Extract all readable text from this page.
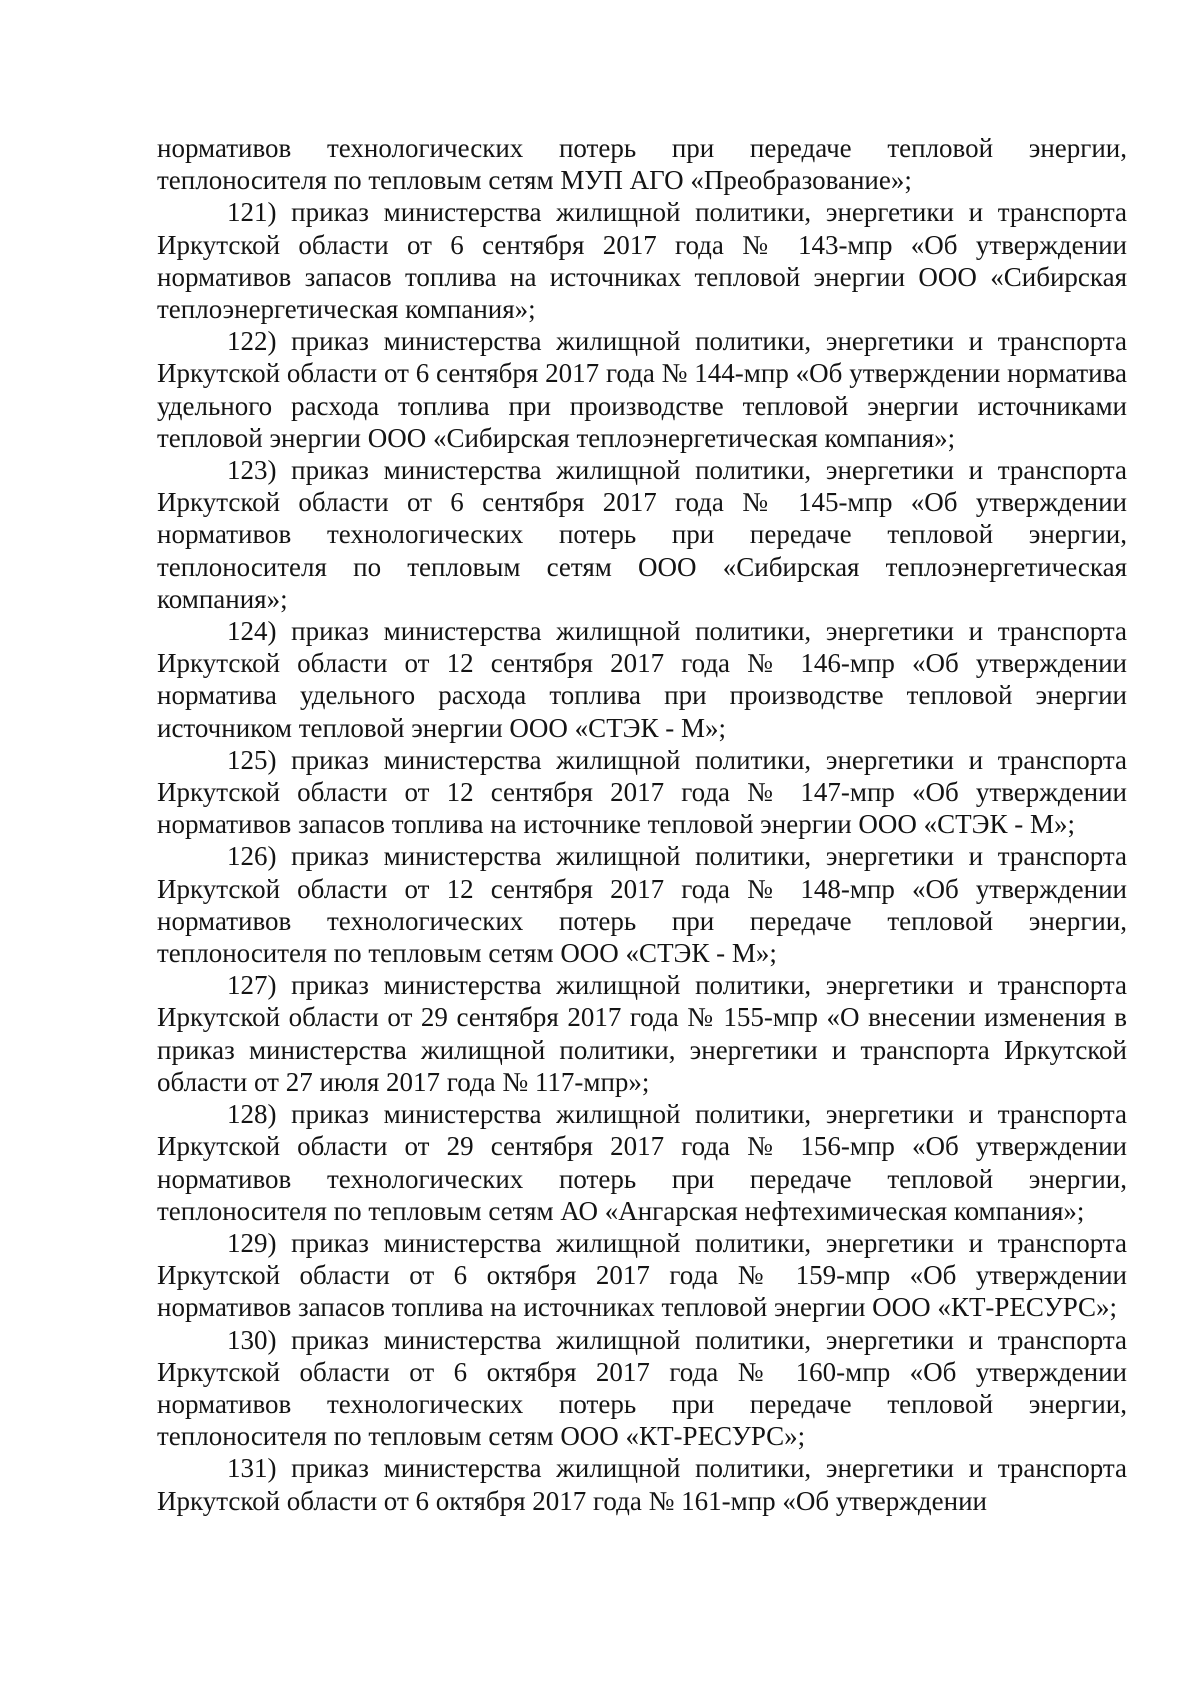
нормативов технологических потерь при передаче тепловой энергии, теплоносителя по тепловым сетям МУП АГО «Преобразование»;

121) приказ министерства жилищной политики, энергетики и транспорта Иркутской области от 6 сентября 2017 года № 143-мпр «Об утверждении нормативов запасов топлива на источниках тепловой энергии ООО «Сибирская теплоэнергетическая компания»;

122) приказ министерства жилищной политики, энергетики и транспорта Иркутской области от 6 сентября 2017 года № 144-мпр «Об утверждении норматива удельного расхода топлива при производстве тепловой энергии источниками тепловой энергии ООО «Сибирская теплоэнергетическая компания»;

123) приказ министерства жилищной политики, энергетики и транспорта Иркутской области от 6 сентября 2017 года № 145-мпр «Об утверждении нормативов технологических потерь при передаче тепловой энергии, теплоносителя по тепловым сетям ООО «Сибирская теплоэнергетическая компания»;

124) приказ министерства жилищной политики, энергетики и транспорта Иркутской области от 12 сентября 2017 года № 146-мпр «Об утверждении норматива удельного расхода топлива при производстве тепловой энергии источником тепловой энергии ООО «СТЭК - М»;

125) приказ министерства жилищной политики, энергетики и транспорта Иркутской области от 12 сентября 2017 года № 147-мпр «Об утверждении нормативов запасов топлива на источнике тепловой энергии ООО «СТЭК - М»;

126) приказ министерства жилищной политики, энергетики и транспорта Иркутской области от 12 сентября 2017 года № 148-мпр «Об утверждении нормативов технологических потерь при передаче тепловой энергии, теплоносителя по тепловым сетям ООО «СТЭК - М»;

127) приказ министерства жилищной политики, энергетики и транспорта Иркутской области от 29 сентября 2017 года № 155-мпр «О внесении изменения в приказ министерства жилищной политики, энергетики и транспорта Иркутской области от 27 июля 2017 года № 117-мпр»;

128) приказ министерства жилищной политики, энергетики и транспорта Иркутской области от 29 сентября 2017 года № 156-мпр «Об утверждении нормативов технологических потерь при передаче тепловой энергии, теплоносителя по тепловым сетям АО «Ангарская нефтехимическая компания»;

129) приказ министерства жилищной политики, энергетики и транспорта Иркутской области от 6 октября 2017 года № 159-мпр «Об утверждении нормативов запасов топлива на источниках тепловой энергии ООО «КТ-РЕСУРС»;

130) приказ министерства жилищной политики, энергетики и транспорта Иркутской области от 6 октября 2017 года № 160-мпр «Об утверждении нормативов технологических потерь при передаче тепловой энергии, теплоносителя по тепловым сетям ООО «КТ-РЕСУРС»;

131) приказ министерства жилищной политики, энергетики и транспорта Иркутской области от 6 октября 2017 года № 161-мпр «Об утверждении
